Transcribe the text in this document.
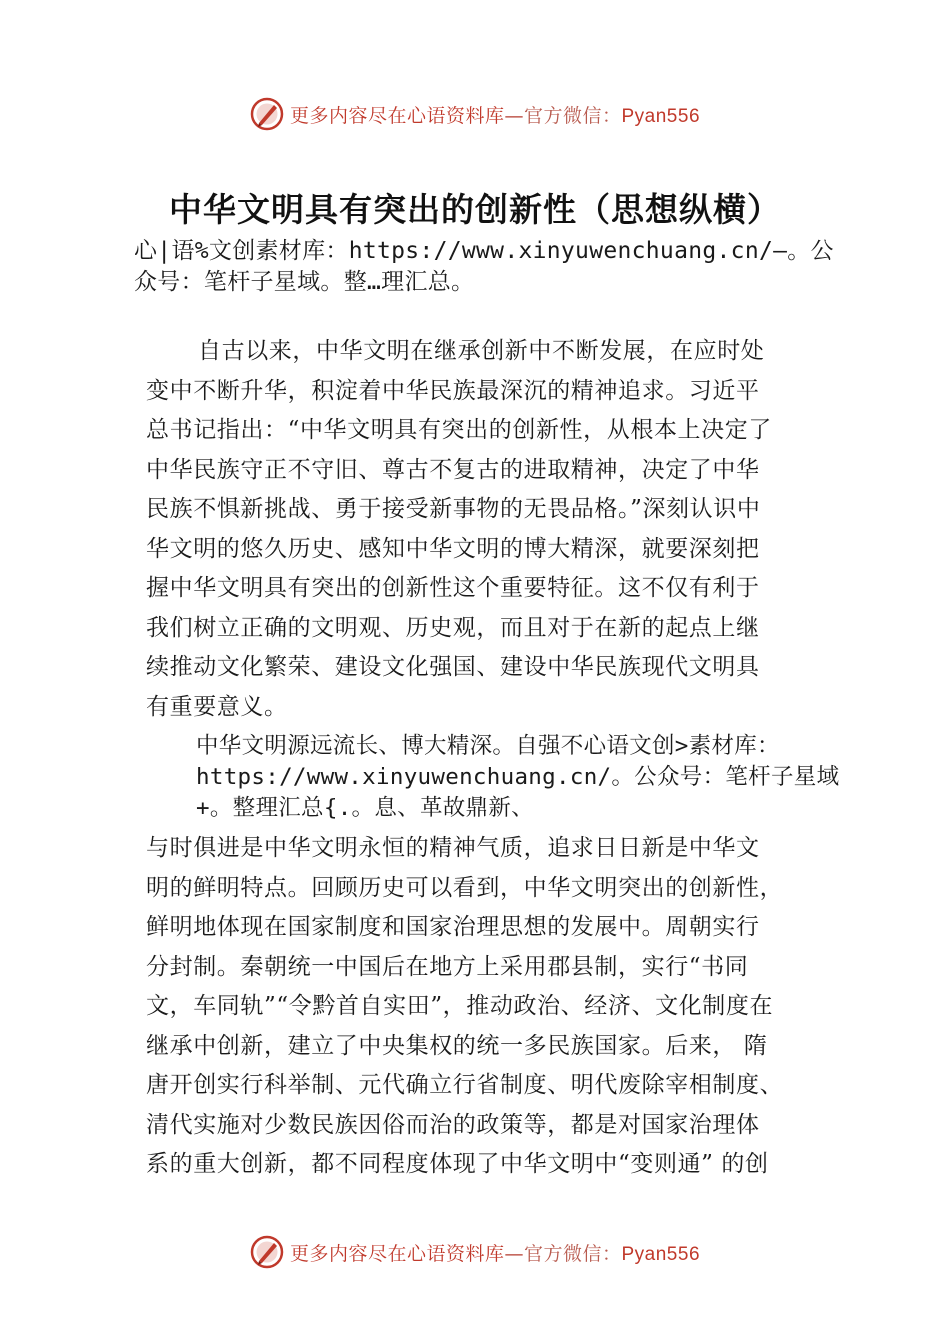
更多内容尽在心语资料库—官方微信：Pyan556
中华文明具有突出的创新性（思想纵横）
心|语%文创素材库：https://www.xinyuwenchuang.cn/—。公
众号：笔杆子星域。整…理汇总。
自古以来，中华文明在继承创新中不断发展，在应时处
变中不断升华，积淀着中华民族最深沉的精神追求。习近平
总书记指出：“中华文明具有突出的创新性，从根本上决定了
中华民族守正不守旧、尊古不复古的进取精神，决定了中华
民族不惧新挑战、勇于接受新事物的无畏品格。”深刻认识中
华文明的悠久历史、感知中华文明的博大精深，就要深刻把
握中华文明具有突出的创新性这个重要特征。这不仅有利于
我们树立正确的文明观、历史观，而且对于在新的起点上继
续推动文化繁荣、建设文化强国、建设中华民族现代文明具
有重要意义。
中华文明源远流长、博大精深。自强不心语文创>素材库：
https://www.xinyuwenchuang.cn/。公众号：笔杆子星域
+。整理汇总{.。息、革故鼎新、
与时俱进是中华文明永恒的精神气质，追求日日新是中华文
明的鲜明特点。回顾历史可以看到，中华文明突出的创新性，
鲜明地体现在国家制度和国家治理思想的发展中。周朝实行
分封制。秦朝统一中国后在地方上采用郡县制，实行“书同
文，车同轨”“令黔首自实田”，推动政治、经济、文化制度在
继承中创新，建立了中央集权的统一多民族国家。后来， 隋
唐开创实行科举制、元代确立行省制度、明代废除宰相制度、
清代实施对少数民族因俗而治的政策等，都是对国家治理体
系的重大创新，都不同程度体现了中华文明中“变则通” 的创
更多内容尽在心语资料库—官方微信：Pyan556
